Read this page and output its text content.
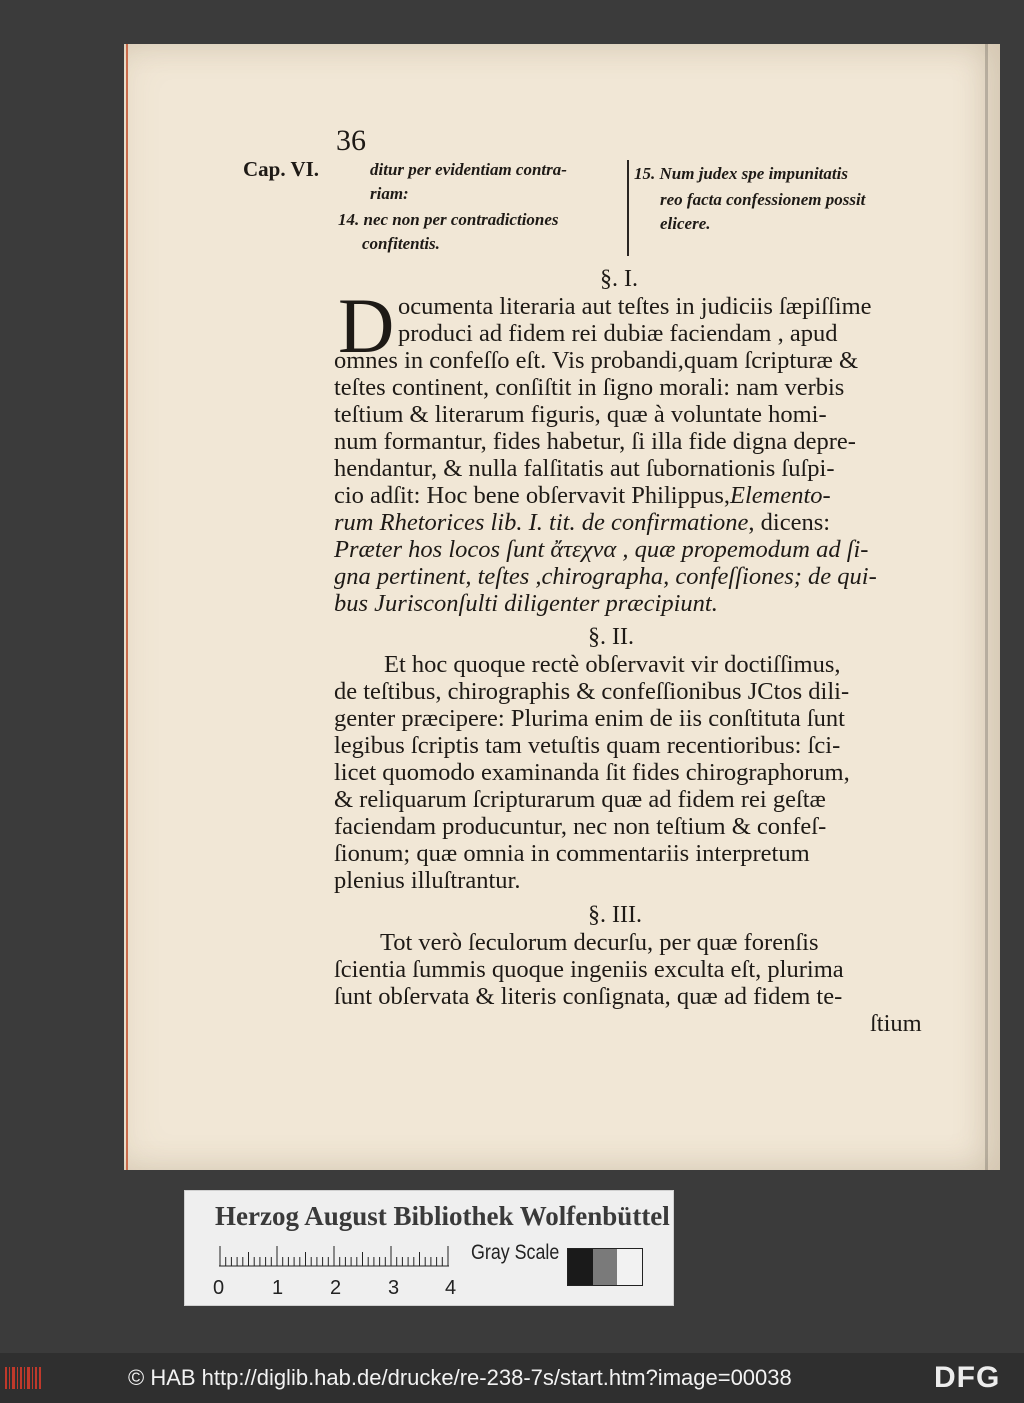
36
Cap. VI.	ditur per evidentiam contra-
riam:
14. nec non per contradictiones
confitentis.
15. Num judex spe impunitatis
reo facta confessionem possit
elicere.
§. I.
D ocumenta literaria aut teſtes in judiciis ſæpiſſime
produci ad fidem rei dubiæ faciendam , apud
omnes in confeſſo eſt. Vis probandi,quam ſcripturæ &
teſtes continent, conſiſtit in ſigno morali: nam verbis
teſtium & literarum figuris, quæ à voluntate homi-
num formantur, fides habetur, ſi illa fide digna depre-
hendantur, & nulla falſitatis aut ſubornationis ſuſpi-
cio adſit: Hoc bene obſervavit Philippus,Elemento-
rum Rhetorices lib. I. tit. de confirmatione, dicens:
Præter hos locos ſunt ἄτεχνα , quæ propemodum ad ſi-
gna pertinent, teſtes ,chirographa, confeſſiones; de qui-
bus Jurisconſulti diligenter præcipiunt.
§. II.
Et hoc quoque rectè obſervavit vir doctiſſimus,
de teſtibus, chirographis & confeſſionibus JCtos dili-
genter præcipere: Plurima enim de iis conſtituta ſunt
legibus ſcriptis tam vetuſtis quam recentioribus: ſci-
licet quomodo examinanda ſit fides chirographorum,
& reliquarum ſcripturarum quæ ad fidem rei geſtæ
faciendam producuntur, nec non teſtium & confeſ-
ſionum; quæ omnia in commentariis interpretum
plenius illuſtrantur.
§. III.
Tot verò ſeculorum decurſu, per quæ forenſis
ſcientia ſummis quoque ingeniis exculta eſt, plurima
ſunt obſervata & literis conſignata, quæ ad fidem te-
ſtium
Herzog August Bibliothek Wolfenbüttel
0 1 2 3 4
Gray Scale
© HAB http://diglib.hab.de/drucke/re-238-7s/start.htm?image=00038	DFG
